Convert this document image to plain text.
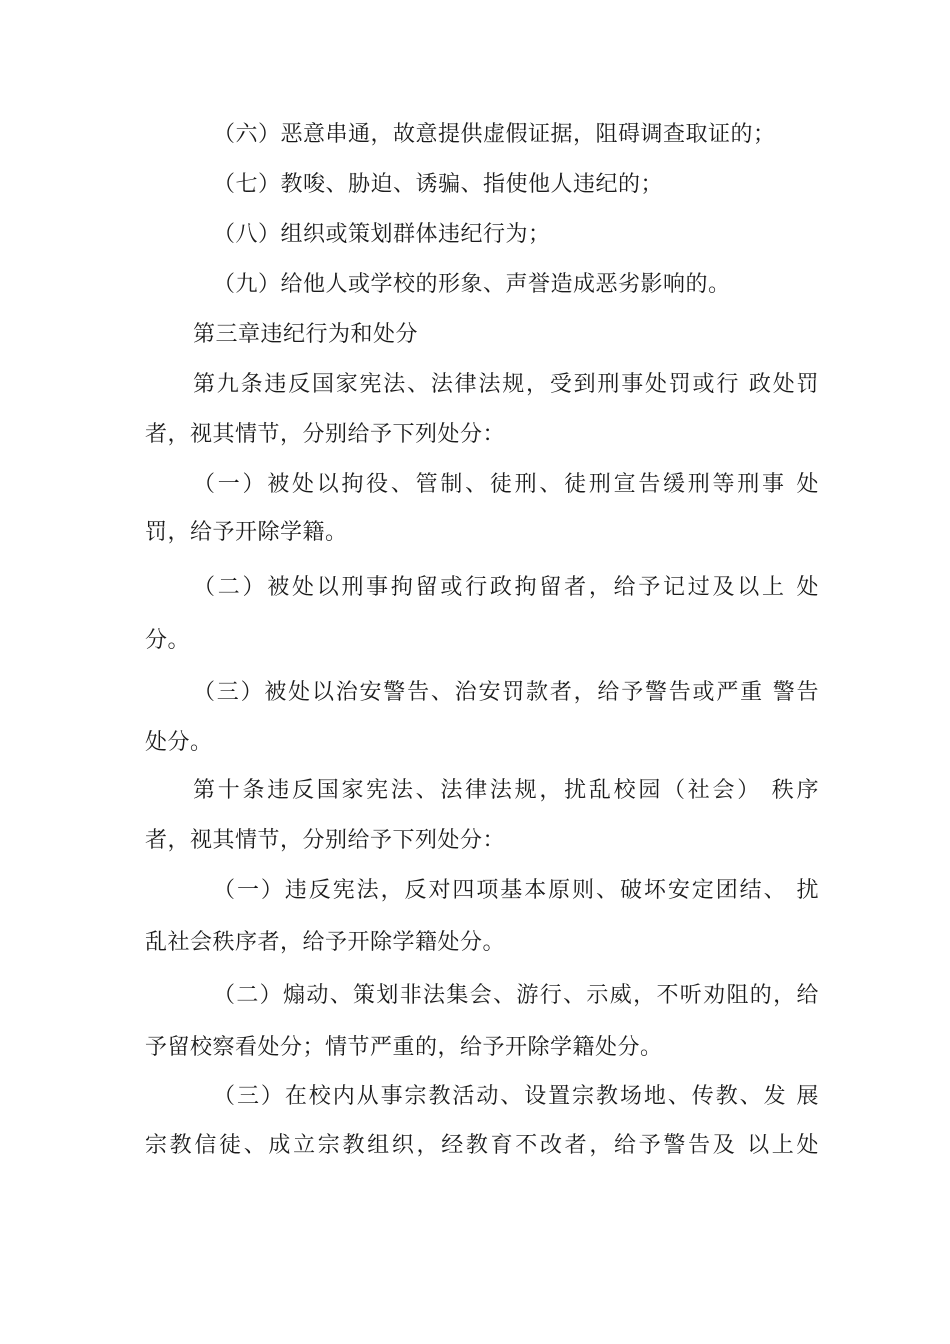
（六）恶意串通，故意提供虚假证据，阻碍调查取证的；
（七）教唆、胁迫、诱骗、指使他人违纪的；
（八）组织或策划群体违纪行为；
（九）给他人或学校的形象、声誉造成恶劣影响的。
第三章违纪行为和处分
第九条违反国家宪法、法律法规，受到刑事处罚或行 政处罚
者，视其情节，分别给予下列处分：
（一）被处以拘役、管制、徒刑、徒刑宣告缓刑等刑事 处
罚，给予开除学籍。
（二）被处以刑事拘留或行政拘留者，给予记过及以上 处
分。
（三）被处以治安警告、治安罚款者，给予警告或严重 警告
处分。
第十条违反国家宪法、法律法规，扰乱校园（社会） 秩序
者，视其情节，分别给予下列处分：
（一）违反宪法，反对四项基本原则、破坏安定团结、 扰
乱社会秩序者，给予开除学籍处分。
（二）煽动、策划非法集会、游行、示威，不听劝阻的，给
予留校察看处分；情节严重的，给予开除学籍处分。
（三）在校内从事宗教活动、设置宗教场地、传教、发 展
宗教信徒、成立宗教组织，经教育不改者，给予警告及 以上处
